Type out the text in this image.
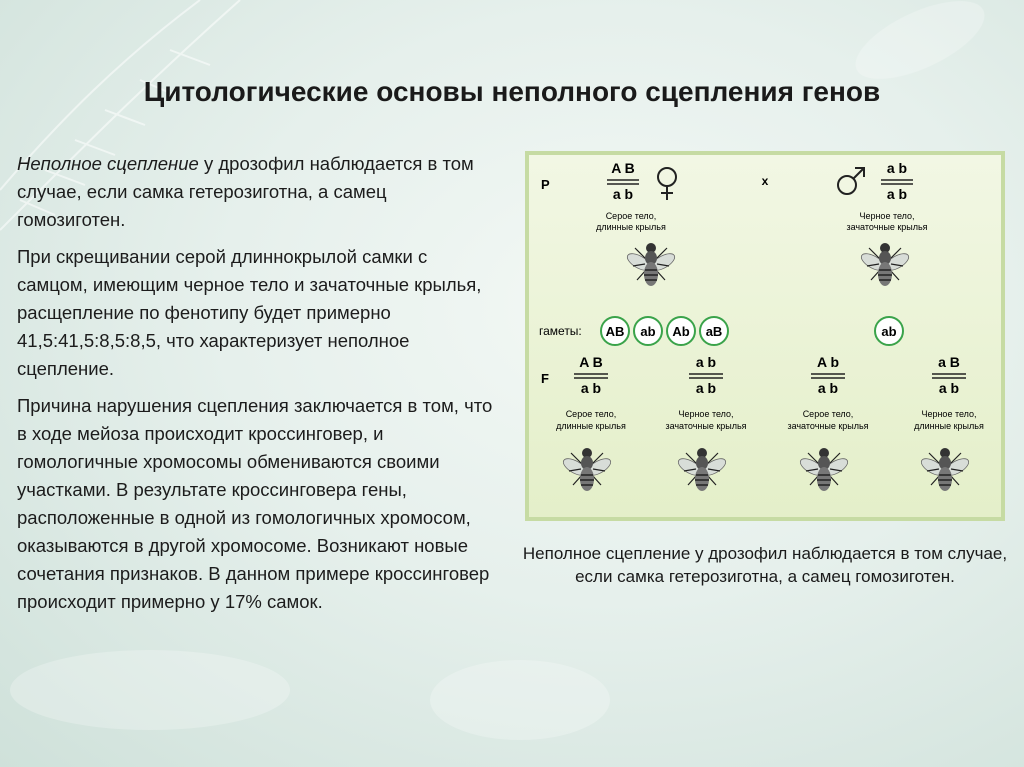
Цитологические основы неполного сцепления генов

Неполное сцепление у дрозофил наблюдается в том случае, если самка гетерозиготна, а самец гомозиготен.

При скрещивании серой длиннокрылой самки с самцом, имеющим черное тело и зачаточные крылья, расщепление по фенотипу будет примерно 41,5:41,5:8,5:8,5, что характеризует неполное сцепление.

Причина нарушения сцепления заключается в том, что в ходе мейоза происходит кроссинговер, и гомологичные хромосомы обмениваются своими участками. В результате кроссинговера гены, расположенные в одной из гомологичных хромосом, оказываются в другой хромосоме. Возникают новые сочетания признаков. В данном примере кроссинговер происходит примерно у 17% самок.

P
A B
a b
Серое тело,
длинные крылья
x
a b
a b
Черное тело,
зачаточные крылья
гаметы: AB ab Ab aB	ab
F
A B
a b
Серое тело,
длинные крылья
a b
a b
Черное тело,
зачаточные крылья
A b
a b
Серое тело,
зачаточные крылья
a B
a b
Черное тело,
длинные крылья
Неполное сцепление у дрозофил наблюдается в том случае, если самка гетерозиготна, а самец гомозиготен.
